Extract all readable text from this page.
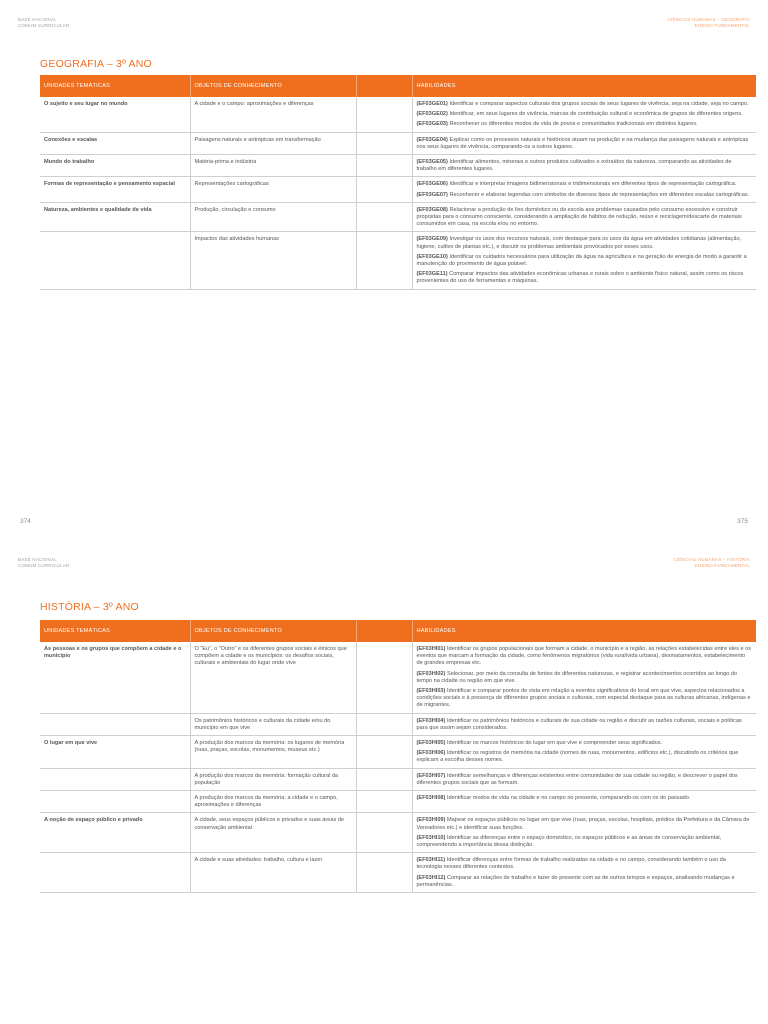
BASE NACIONAL
COMUM CURRICULAR
CIÊNCIAS HUMANAS – GEOGRAFIA
ENSINO FUNDAMENTAL
GEOGRAFIA – 3º ANO
UNIDADES TEMÁTICAS	OBJETOS DE CONHECIMENTO		HABILIDADES
O sujeito e seu lugar no mundo	A cidade e o campo: aproximações e diferenças		(EF03GE01) Identificar e comparar aspectos culturais dos grupos sociais de seus lugares de vivência, seja na cidade, seja no campo.
(EF03GE02) Identificar, em seus lugares de vivência, marcas de contribuição cultural e econômica de grupos de diferentes origens.
(EF03GE03) Reconhecer os diferentes modos de vida de povos e comunidades tradicionais em distintos lugares.

Conexões e escalas	Paisagens naturais e antrópicas em transformação		(EF03GE04) Explicar como os processos naturais e históricos atuam na produção e na mudança das paisagens naturais e antrópicas nos seus lugares de vivência, comparando-os a outros lugares.

Mundo do trabalho	Matéria-prima e indústria		(EF03GE05) Identificar alimentos, minerais e outros produtos cultivados e extraídos da natureza, comparando as atividades de trabalho em diferentes lugares.

Formas de representação e pensamento espacial	Representações cartográficas		(EF03GE06) Identificar e interpretar imagens bidimensionais e tridimensionais em diferentes tipos de representação cartográfica.
(EF03GE07) Reconhecer e elaborar legendas com símbolos de diversos tipos de representações em diferentes escalas cartográficas.

Natureza, ambientes e qualidade de vida	Produção, circulação e consumo		(EF03GE08) Relacionar a produção de lixo doméstico ou da escola aos problemas causados pelo consumo excessivo e construir propostas para o consumo consciente, considerando a ampliação de hábitos de redução, reúso e reciclagem/descarte de materiais consumidos em casa, na escola e/ou no entorno.

	Impactos das atividades humanas		(EF03GE09) Investigar os usos dos recursos naturais, com destaque para os usos da água em atividades cotidianas (alimentação, higiene, cultivo de plantas etc.), e discutir os problemas ambientais provocados por esses usos.
(EF03GE10) Identificar os cuidados necessários para utilização da água na agricultura e na geração de energia de modo a garantir a manutenção do provimento de água potável.
(EF03GE11) Comparar impactos das atividades econômicas urbanas e rurais sobre o ambiente físico natural, assim como os riscos provenientes do uso de ferramentas e máquinas.
374	375
BASE NACIONAL
COMUM CURRICULAR
CIÊNCIAS HUMANAS – HISTÓRIA
ENSINO FUNDAMENTAL
HISTÓRIA – 3º ANO
UNIDADES TEMÁTICAS	OBJETOS DE CONHECIMENTO		HABILIDADES
As pessoas e os grupos que compõem a cidade e o município	O “Eu”, o “Outro” e os diferentes grupos sociais e étnicos que compõem a cidade e os municípios: os desafios sociais, culturais e ambientais do lugar onde vive		(EF03HI01) Identificar os grupos populacionais que formam a cidade, o município e a região, as relações estabelecidas entre eles e os eventos que marcam a formação da cidade, como fenômenos migratórios (vida rural/vida urbana), desmatamentos, estabelecimento de grandes empresas etc.
(EF03HI02) Selecionar, por meio da consulta de fontes de diferentes naturezas, e registrar acontecimentos ocorridos ao longo do tempo na cidade ou região em que vive.
(EF03HI03) Identificar e comparar pontos de vista em relação a eventos significativos do local em que vive, aspectos relacionados a condições sociais e à presença de diferentes grupos sociais e culturais, com especial destaque para as culturas africanas, indígenas e de migrantes.

	Os patrimônios históricos e culturais da cidade e/ou do município em que vive		(EF03HI04) Identificar os patrimônios históricos e culturais de sua cidade ou região e discutir as razões culturais, sociais e políticas para que assim sejam considerados.

O lugar em que vive	A produção dos marcos da memória: os lugares de memória (ruas, praças, escolas, monumentos, museus etc.)		(EF03HI05) Identificar os marcos históricos do lugar em que vive e compreender seus significados.
(EF03HI06) Identificar os registros de memória na cidade (nomes de ruas, monumentos, edifícios etc.), discutindo os critérios que explicam a escolha desses nomes.

	A produção dos marcos da memória: formação cultural da população		(EF03HI07) Identificar semelhanças e diferenças existentes entre comunidades de sua cidade ou região, e descrever o papel dos diferentes grupos sociais que as formam.

	A produção dos marcos da memória: a cidade e o campo, aproximações e diferenças		(EF03HI08) Identificar modos de vida na cidade e no campo no presente, comparando-os com os do passado.

A noção de espaço público e privado	A cidade, seus espaços públicos e privados e suas áreas de conservação ambiental		(EF03HI09) Mapear os espaços públicos no lugar em que vive (ruas, praças, escolas, hospitais, prédios da Prefeitura e da Câmara de Vereadores etc.) e identificar suas funções.
(EF03HI10) Identificar as diferenças entre o espaço doméstico, os espaços públicos e as áreas de conservação ambiental, compreendendo a importância dessa distinção.

	A cidade e suas atividades: trabalho, cultura e lazer		(EF03HI11) Identificar diferenças entre formas de trabalho realizadas na cidade e no campo, considerando também o uso da tecnologia nesses diferentes contextos.
(EF03HI12) Comparar as relações de trabalho e lazer do presente com as de outros tempos e espaços, analisando mudanças e permanências.
